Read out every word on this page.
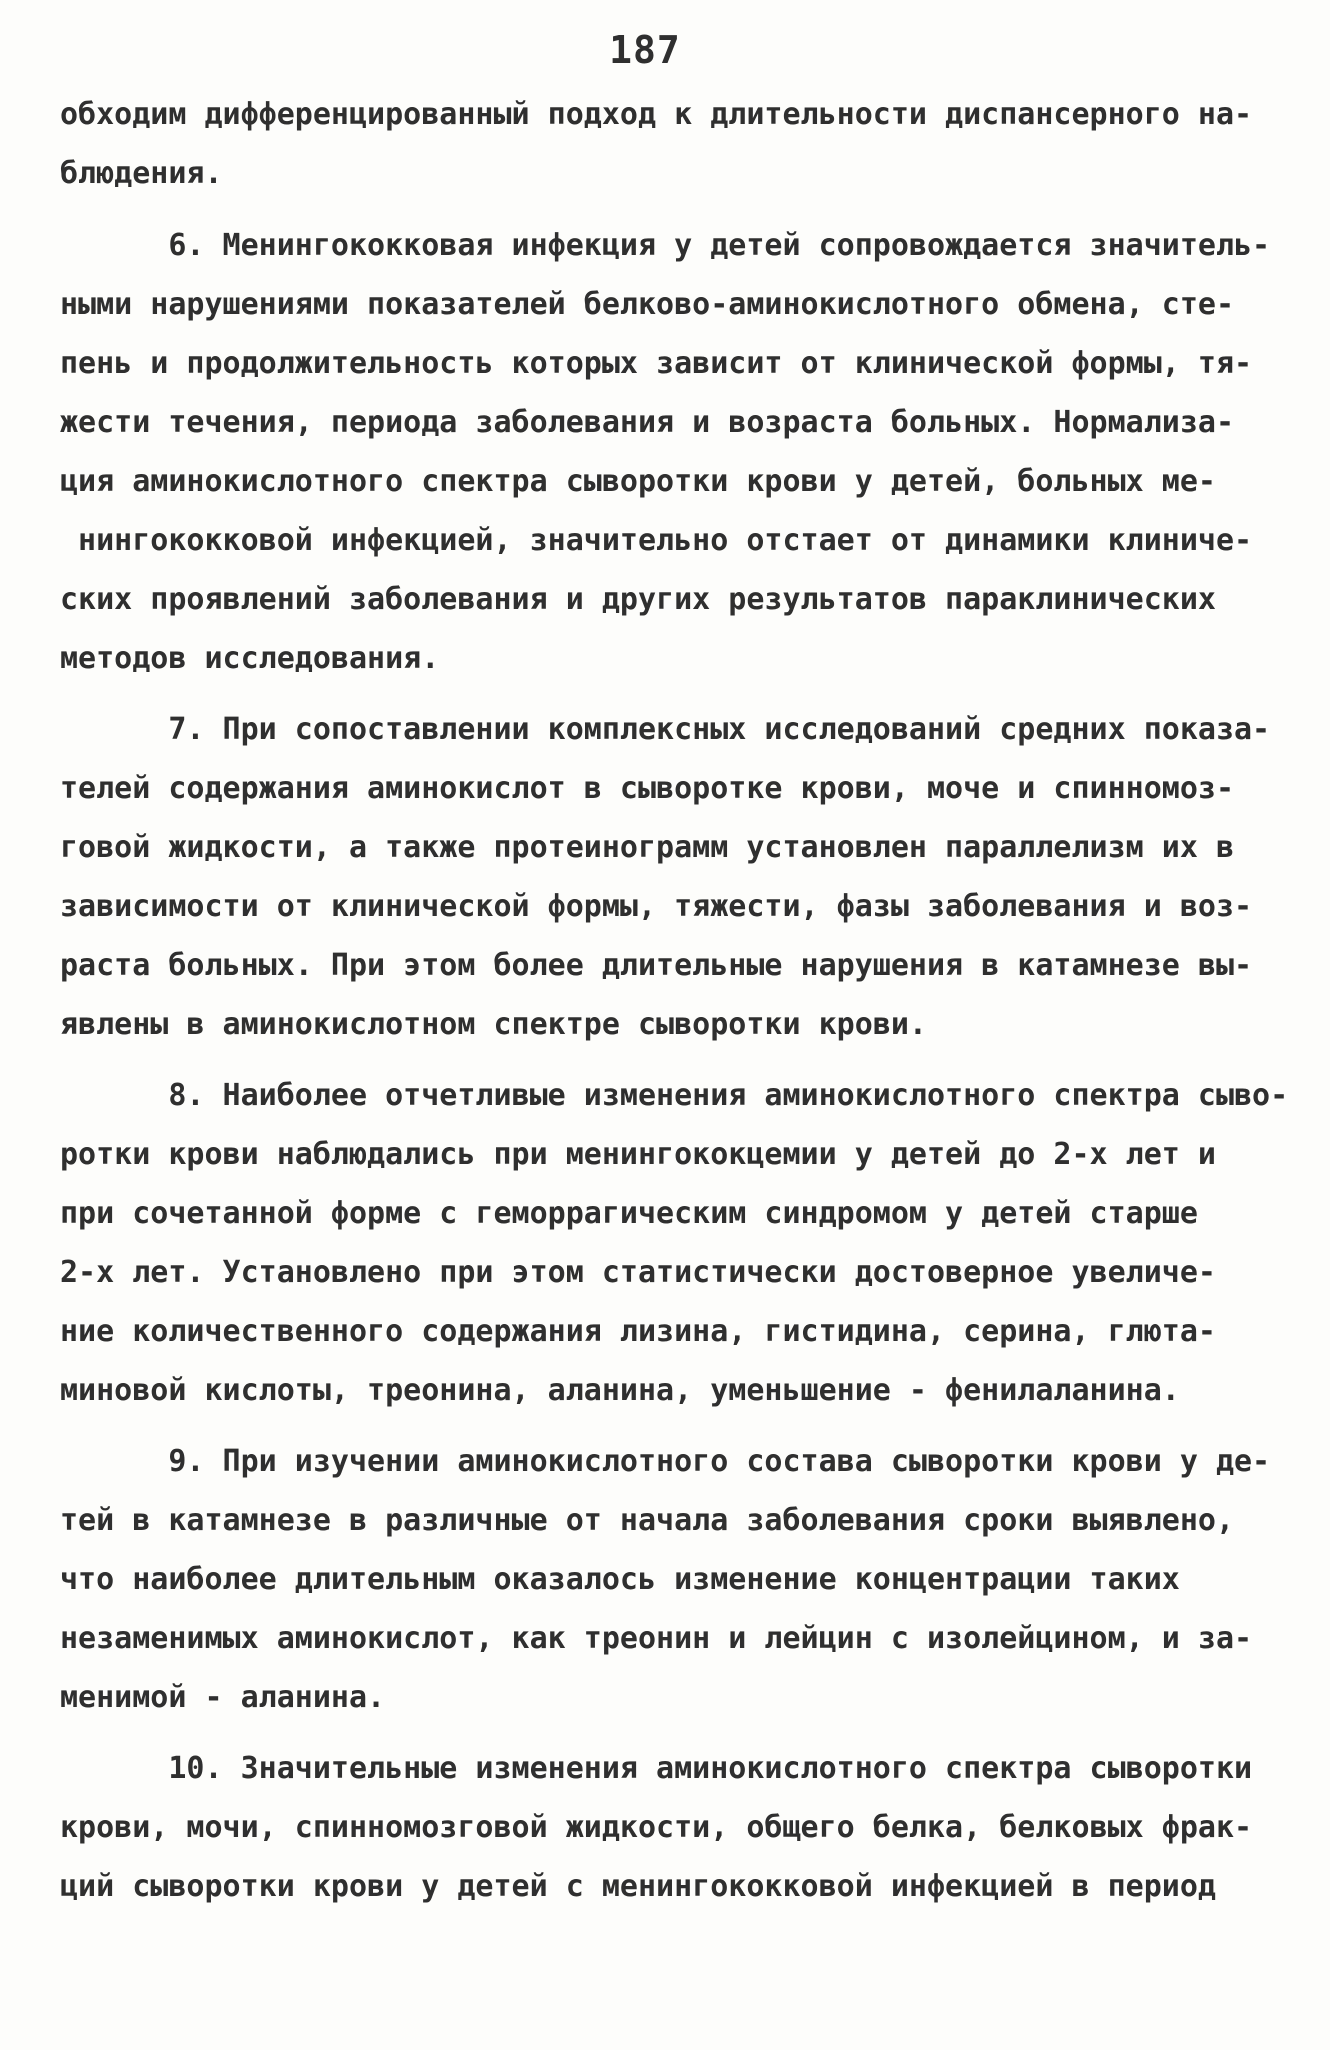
187
обходим дифференцированный подход к длительности диспансерного на-
блюдения.
6. Менингококковая инфекция у детей сопровождается значитель-
ными нарушениями показателей белково-аминокислотного обмена, сте-
пень и продолжительность которых зависит от клинической формы, тя-
жести течения, периода заболевания и возраста больных. Нормализа-
ция аминокислотного спектра сыворотки крови у детей, больных ме-
нингококковой инфекцией, значительно отстает от динамики клиниче-
ских проявлений заболевания и других результатов параклинических
методов исследования.
7. При сопоставлении комплексных исследований средних показа-
телей содержания аминокислот в сыворотке крови, моче и спинномоз-
говой жидкости, а также протеинограмм установлен параллелизм их в
зависимости от клинической формы, тяжести, фазы заболевания и воз-
раста больных. При этом более длительные нарушения в катамнезе вы-
явлены в аминокислотном спектре сыворотки крови.
8. Наиболее отчетливые изменения аминокислотного спектра сыво-
ротки крови наблюдались при менингококцемии у детей до 2-х лет и
при сочетанной форме с геморрагическим синдромом у детей старше
2-х лет. Установлено при этом статистически достоверное увеличе-
ние количественного содержания лизина, гистидина, серина, глюта-
миновой кислоты, треонина, аланина, уменьшение - фенилаланина.
9. При изучении аминокислотного состава сыворотки крови у де-
тей в катамнезе в различные от начала заболевания сроки выявлено,
что наиболее длительным оказалось изменение концентрации таких
незаменимых аминокислот, как треонин и лейцин с изолейцином, и за-
менимой - аланина.
10. Значительные изменения аминокислотного спектра сыворотки
крови, мочи, спинномозговой жидкости, общего белка, белковых фрак-
ций сыворотки крови у детей с менингококковой инфекцией в период
